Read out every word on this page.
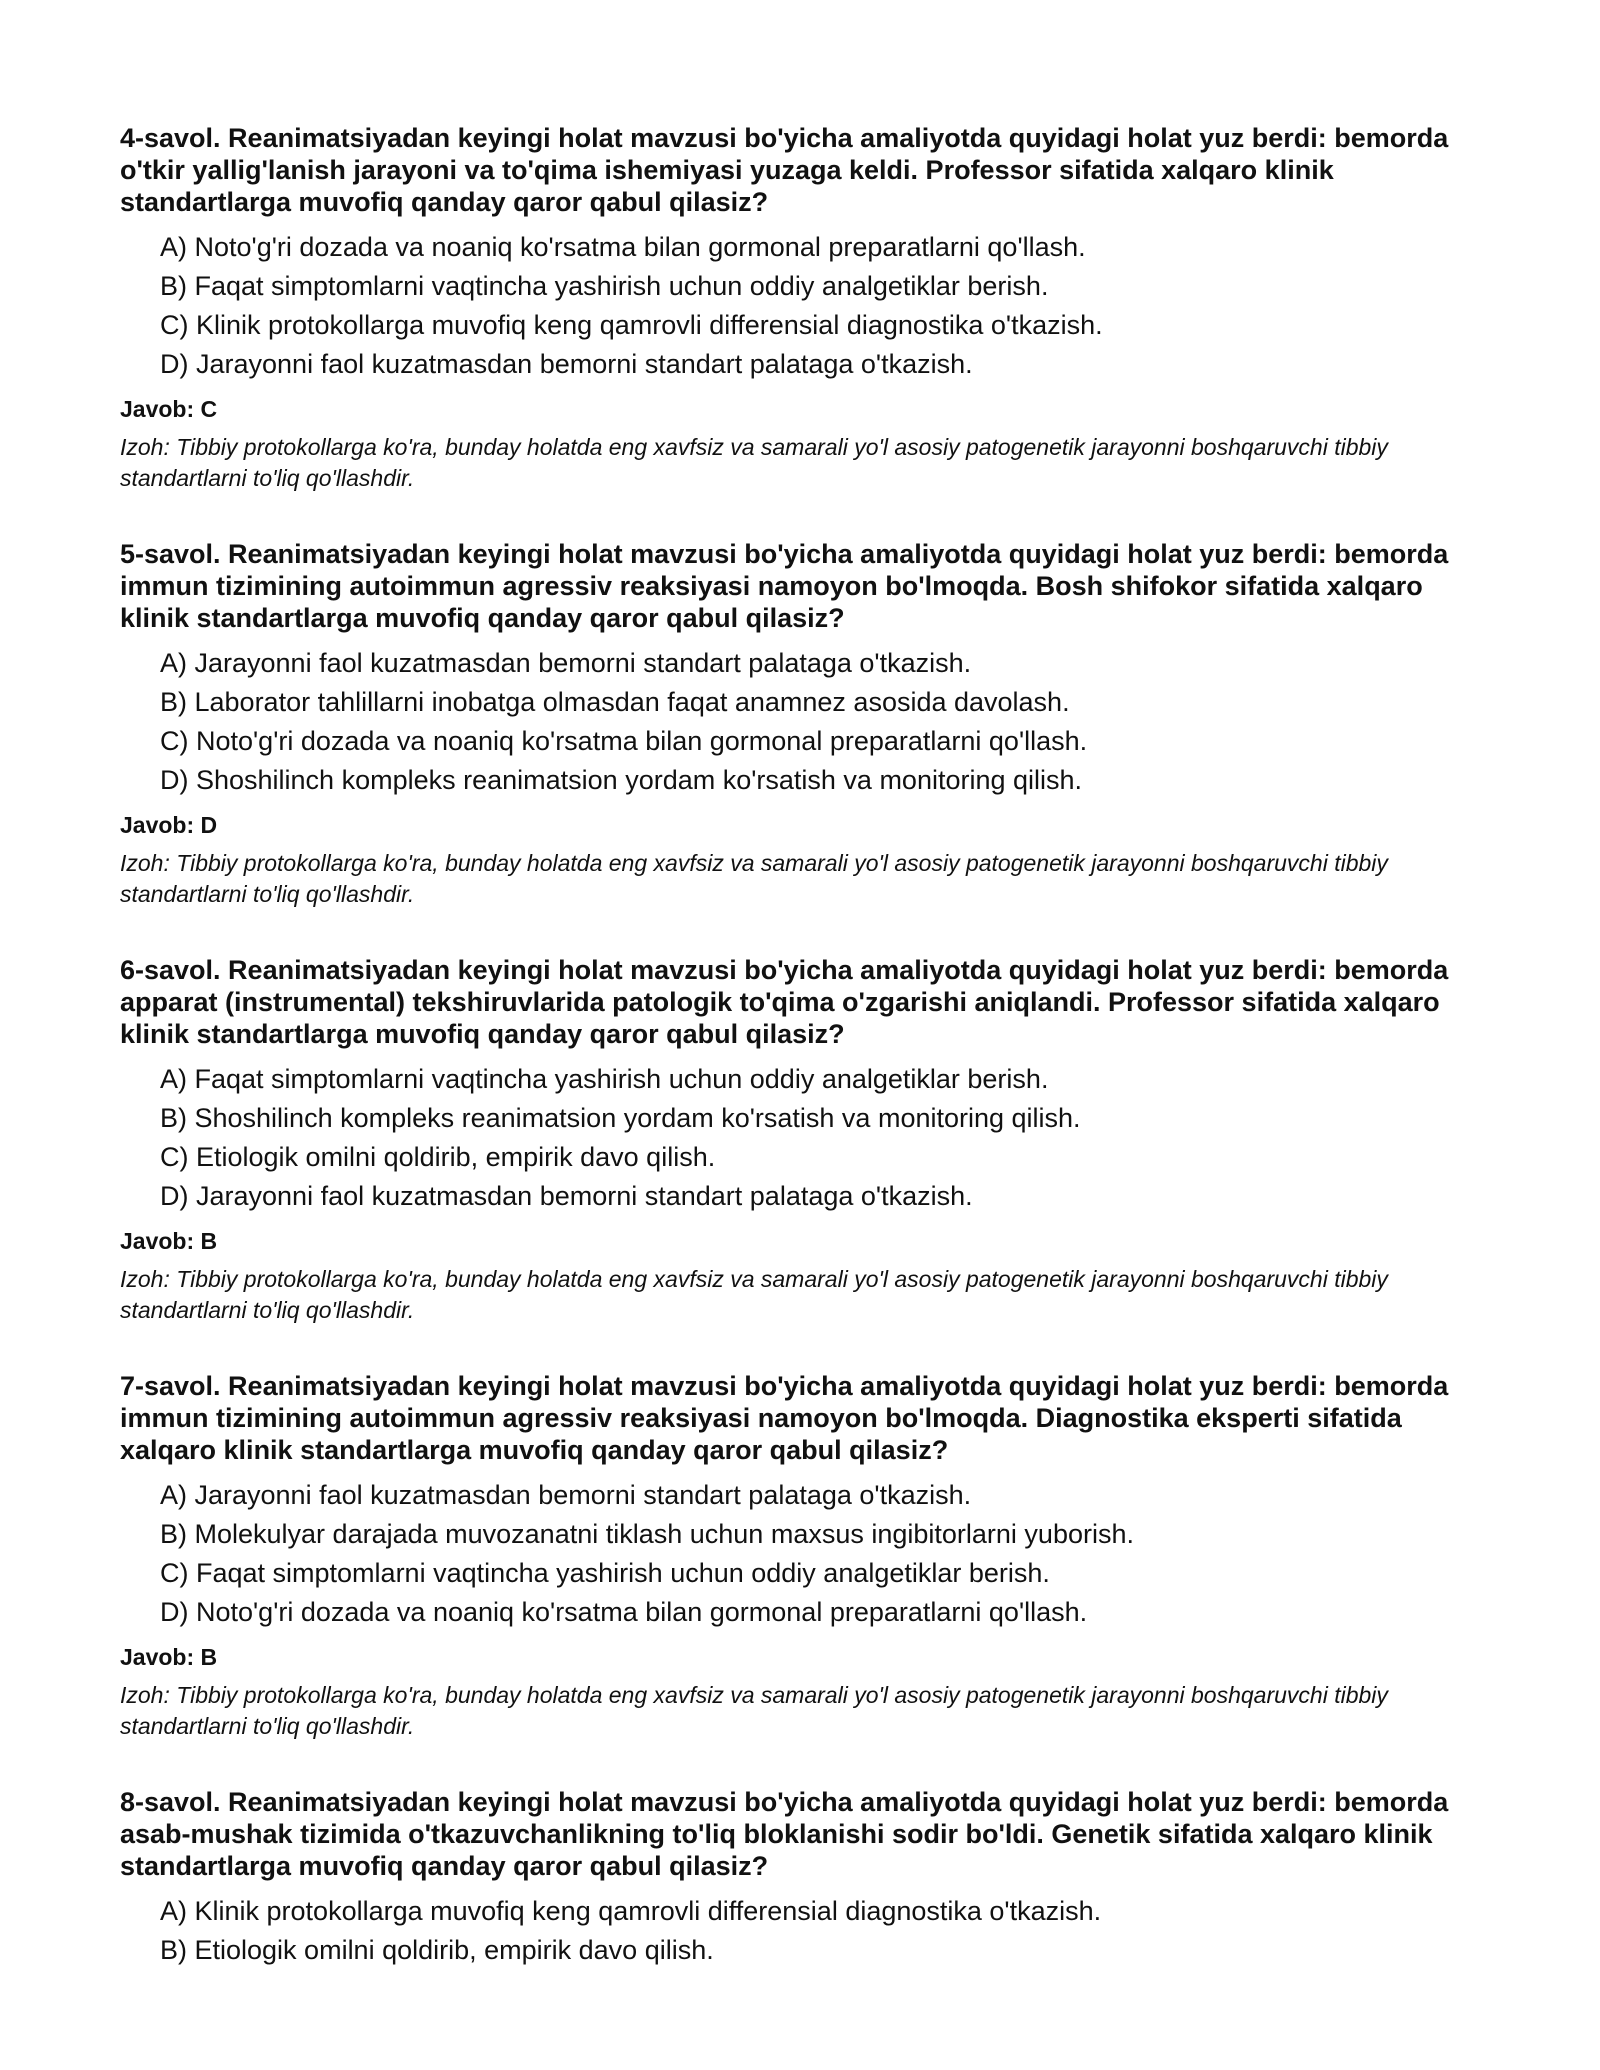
4-savol. Reanimatsiyadan keyingi holat mavzusi bo'yicha amaliyotda quyidagi holat yuz berdi: bemorda o'tkir yallig'lanish jarayoni va to'qima ishemiyasi yuzaga keldi. Professor sifatida xalqaro klinik standartlarga muvofiq qanday qaror qabul qilasiz?

A) Noto'g'ri dozada va noaniq ko'rsatma bilan gormonal preparatlarni qo'llash.
B) Faqat simptomlarni vaqtincha yashirish uchun oddiy analgetiklar berish.
C) Klinik protokollarga muvofiq keng qamrovli differensial diagnostika o'tkazish.
D) Jarayonni faol kuzatmasdan bemorni standart palataga o'tkazish.

Javob: C

Izoh: Tibbiy protokollarga ko'ra, bunday holatda eng xavfsiz va samarali yo'l asosiy patogenetik jarayonni boshqaruvchi tibbiy standartlarni to'liq qo'llashdir.

5-savol. Reanimatsiyadan keyingi holat mavzusi bo'yicha amaliyotda quyidagi holat yuz berdi: bemorda immun tizimining autoimmun agressiv reaksiyasi namoyon bo'lmoqda. Bosh shifokor sifatida xalqaro klinik standartlarga muvofiq qanday qaror qabul qilasiz?

A) Jarayonni faol kuzatmasdan bemorni standart palataga o'tkazish.
B) Laborator tahlillarni inobatga olmasdan faqat anamnez asosida davolash.
C) Noto'g'ri dozada va noaniq ko'rsatma bilan gormonal preparatlarni qo'llash.
D) Shoshilinch kompleks reanimatsion yordam ko'rsatish va monitoring qilish.

Javob: D

Izoh: Tibbiy protokollarga ko'ra, bunday holatda eng xavfsiz va samarali yo'l asosiy patogenetik jarayonni boshqaruvchi tibbiy standartlarni to'liq qo'llashdir.

6-savol. Reanimatsiyadan keyingi holat mavzusi bo'yicha amaliyotda quyidagi holat yuz berdi: bemorda apparat (instrumental) tekshiruvlarida patologik to'qima o'zgarishi aniqlandi. Professor sifatida xalqaro klinik standartlarga muvofiq qanday qaror qabul qilasiz?

A) Faqat simptomlarni vaqtincha yashirish uchun oddiy analgetiklar berish.
B) Shoshilinch kompleks reanimatsion yordam ko'rsatish va monitoring qilish.
C) Etiologik omilni qoldirib, empirik davo qilish.
D) Jarayonni faol kuzatmasdan bemorni standart palataga o'tkazish.

Javob: B

Izoh: Tibbiy protokollarga ko'ra, bunday holatda eng xavfsiz va samarali yo'l asosiy patogenetik jarayonni boshqaruvchi tibbiy standartlarni to'liq qo'llashdir.

7-savol. Reanimatsiyadan keyingi holat mavzusi bo'yicha amaliyotda quyidagi holat yuz berdi: bemorda immun tizimining autoimmun agressiv reaksiyasi namoyon bo'lmoqda. Diagnostika eksperti sifatida xalqaro klinik standartlarga muvofiq qanday qaror qabul qilasiz?

A) Jarayonni faol kuzatmasdan bemorni standart palataga o'tkazish.
B) Molekulyar darajada muvozanatni tiklash uchun maxsus ingibitorlarni yuborish.
C) Faqat simptomlarni vaqtincha yashirish uchun oddiy analgetiklar berish.
D) Noto'g'ri dozada va noaniq ko'rsatma bilan gormonal preparatlarni qo'llash.

Javob: B

Izoh: Tibbiy protokollarga ko'ra, bunday holatda eng xavfsiz va samarali yo'l asosiy patogenetik jarayonni boshqaruvchi tibbiy standartlarni to'liq qo'llashdir.

8-savol. Reanimatsiyadan keyingi holat mavzusi bo'yicha amaliyotda quyidagi holat yuz berdi: bemorda asab-mushak tizimida o'tkazuvchanlikning to'liq bloklanishi sodir bo'ldi. Genetik sifatida xalqaro klinik standartlarga muvofiq qanday qaror qabul qilasiz?

A) Klinik protokollarga muvofiq keng qamrovli differensial diagnostika o'tkazish.
B) Etiologik omilni qoldirib, empirik davo qilish.
